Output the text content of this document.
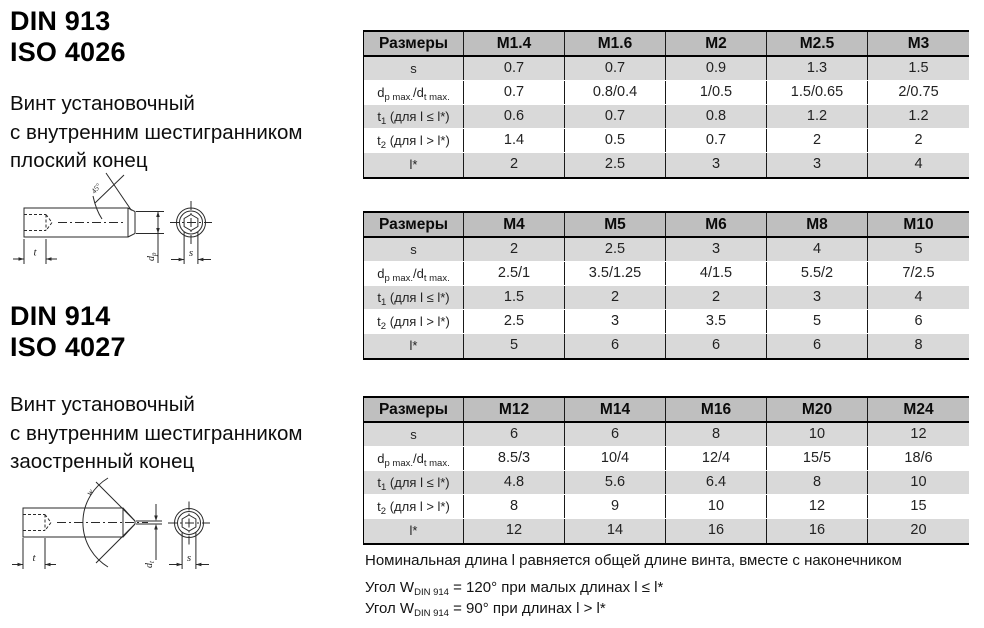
DIN 913
ISO 4026
Винт установочный
с внутренним шестигранником
плоский конец
45°
t	$d_p$	s
DIN 914
ISO 4027
Винт установочный
с внутренним шестигранником
заостренный конец
w
t
$d_t$	s
Размеры	M1.4	M1.6	M2	M2.5	M3
s	0.7	0.7	0.9	1.3	1.5
$d_{p max.}/d_{t max.}$	0.7	0.8/0.4	1/0.5	1.5/0.65	2/0.75
$t_1$ (для l ≤ l*)	0.6	0.7	0.8	1.2	1.2
$t_2$ (для l > l*)	1.4	0.5	0.7	2	2
l*	2	2.5	3	3	4
Размеры	M4	M5	M6	M8	M10
s	2	2.5	3	4	5
$d_{p max.}/d_{t max.}$	2.5/1	3.5/1.25	4/1.5	5.5/2	7/2.5
$t_1$ (для l ≤ l*)	1.5	2	2	3	4
$t_2$ (для l > l*)	2.5	3	3.5	5	6
l*	5	6	6	6	8
Размеры	M12	M14	M16	M20	M24
s	6	6	8	10	12
$d_{p max.}/d_{t max.}$	8.5/3	10/4	12/4	15/5	18/6
$t_1$ (для l ≤ l*)	4.8	5.6	6.4	8	10
$t_2$ (для l > l*)	8	9	10	12	15
l*	12	14	16	16	20
Номинальная длина l равняется общей длине винта, вместе с наконечником
Угол $W_{DIN 914} = 120^\circ$ при малых длинах l ≤ l*
Угол $W_{DIN 914} = 90^\circ$ при длинах l > l*
